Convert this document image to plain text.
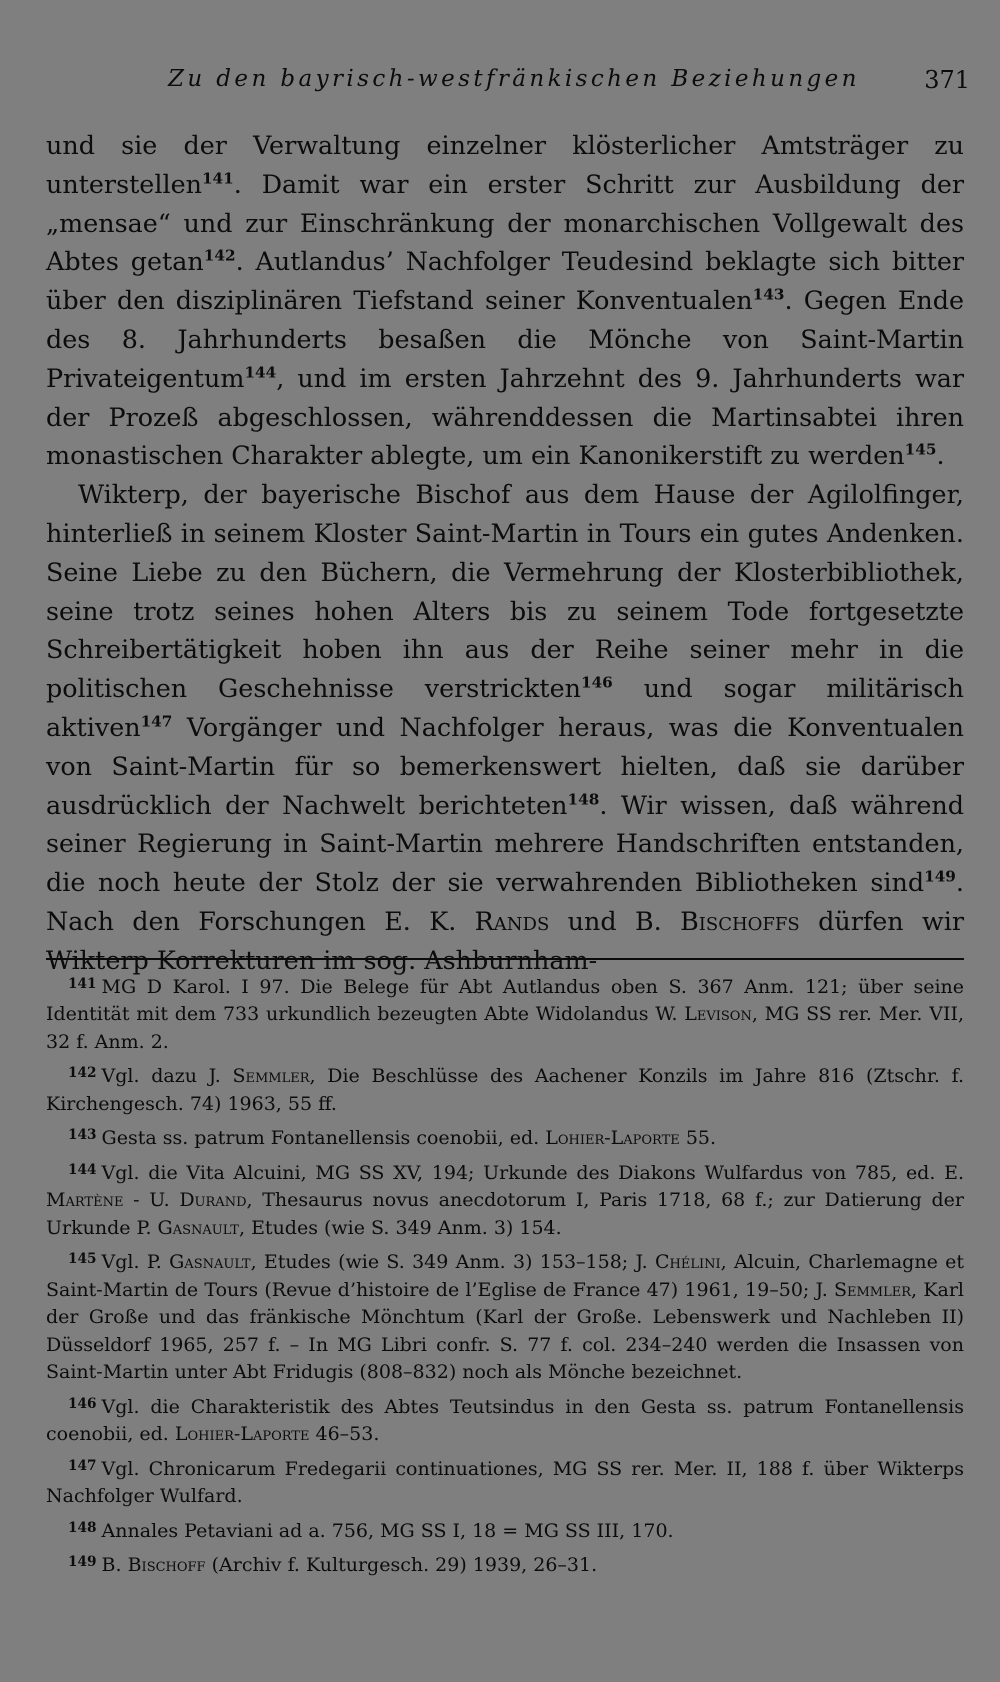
Zu den bayrisch-westfränkischen Beziehungen	371

und sie der Verwaltung einzelner klösterlicher Amtsträger zu unterstellen$^{141}$. Damit war ein erster Schritt zur Ausbildung der „mensae“ und zur Einschränkung der monarchischen Vollgewalt des Abtes getan$^{142}$. Autlandus’ Nachfolger Teudesind beklagte sich bitter über den disziplinären Tiefstand seiner Konventualen$^{143}$. Gegen Ende des 8. Jahrhunderts besaßen die Mönche von Saint-Martin Privateigentum$^{144}$, und im ersten Jahrzehnt des 9. Jahrhunderts war der Prozeß abgeschlossen, währenddessen die Martinsabtei ihren monastischen Charakter ablegte, um ein Kanonikerstift zu werden$^{145}$.

Wikterp, der bayerische Bischof aus dem Hause der Agilolfinger, hinterließ in seinem Kloster Saint-Martin in Tours ein gutes Andenken. Seine Liebe zu den Büchern, die Vermehrung der Klosterbibliothek, seine trotz seines hohen Alters bis zu seinem Tode fortgesetzte Schreibertätigkeit hoben ihn aus der Reihe seiner mehr in die politischen Geschehnisse verstrickten$^{146}$ und sogar militärisch aktiven$^{147}$ Vorgänger und Nachfolger heraus, was die Konventualen von Saint-Martin für so bemerkenswert hielten, daß sie darüber ausdrücklich der Nachwelt berichteten$^{148}$. Wir wissen, daß während seiner Regierung in Saint-Martin mehrere Handschriften entstanden, die noch heute der Stolz der sie verwahrenden Bibliotheken sind$^{149}$. Nach den Forschungen E. K. Rands und B. Bischoffs dürfen wir Wikterp Korrekturen im sog. Ashburnham-

$^{141}$ MG D Karol. I 97. Die Belege für Abt Autlandus oben S. 367 Anm. 121; über seine Identität mit dem 733 urkundlich bezeugten Abte Widolandus W. Levison, MG SS rer. Mer. VII, 32 f. Anm. 2.

$^{142}$ Vgl. dazu J. Semmler, Die Beschlüsse des Aachener Konzils im Jahre 816 (Ztschr. f. Kirchengesch. 74) 1963, 55 ff.

$^{143}$ Gesta ss. patrum Fontanellensis coenobii, ed. Lohier-Laporte 55.

$^{144}$ Vgl. die Vita Alcuini, MG SS XV, 194; Urkunde des Diakons Wulfardus von 785, ed. E. Martène - U. Durand, Thesaurus novus anecdotorum I, Paris 1718, 68 f.; zur Datierung der Urkunde P. Gasnault, Etudes (wie S. 349 Anm. 3) 154.

$^{145}$ Vgl. P. Gasnault, Etudes (wie S. 349 Anm. 3) 153–158; J. Chélini, Alcuin, Charlemagne et Saint-Martin de Tours (Revue d’histoire de l’Eglise de France 47) 1961, 19–50; J. Semmler, Karl der Große und das fränkische Mönchtum (Karl der Große. Lebenswerk und Nachleben II) Düsseldorf 1965, 257 f. – In MG Libri confr. S. 77 f. col. 234–240 werden die Insassen von Saint-Martin unter Abt Fridugis (808–832) noch als Mönche bezeichnet.

$^{146}$ Vgl. die Charakteristik des Abtes Teutsindus in den Gesta ss. patrum Fontanellensis coenobii, ed. Lohier-Laporte 46–53.

$^{147}$ Vgl. Chronicarum Fredegarii continuationes, MG SS rer. Mer. II, 188 f. über Wikterps Nachfolger Wulfard.

$^{148}$ Annales Petaviani ad a. 756, MG SS I, 18 = MG SS III, 170.

$^{149}$ B. Bischoff (Archiv f. Kulturgesch. 29) 1939, 26–31.
